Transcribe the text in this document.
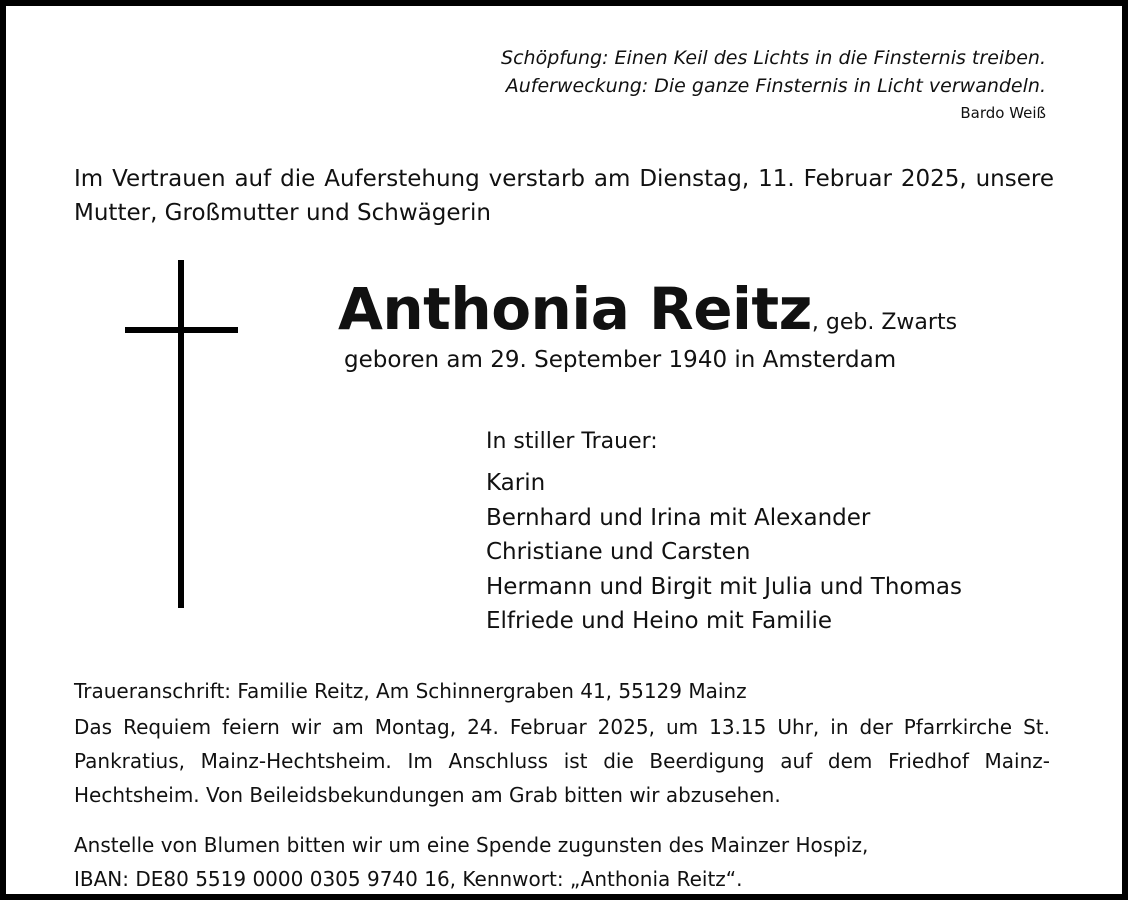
Schöpfung: Einen Keil des Lichts in die Finsternis treiben.
Auferweckung: Die ganze Finsternis in Licht verwandeln.
Bardo Weiß
Im Vertrauen auf die Auferstehung verstarb am Dienstag, 11. Februar 2025, unsere Mutter, Großmutter und Schwägerin
Anthonia Reitz, geb. Zwarts
geboren am 29. September 1940 in Amsterdam
In stiller Trauer:
Karin
Bernhard und Irina mit Alexander
Christiane und Carsten
Hermann und Birgit mit Julia und Thomas
Elfriede und Heino mit Familie
Traueranschrift: Familie Reitz, Am Schinnergraben 41, 55129 Mainz
Das Requiem feiern wir am Montag, 24. Februar 2025, um 13.15 Uhr, in der Pfarrkirche St. Pankratius, Mainz-Hechtsheim. Im Anschluss ist die Beerdigung auf dem Friedhof Mainz-Hechtsheim. Von Beileidsbekundungen am Grab bitten wir abzusehen.
Anstelle von Blumen bitten wir um eine Spende zugunsten des Mainzer Hospiz,
IBAN: DE80 5519 0000 0305 9740 16, Kennwort: „Anthonia Reitz“.
